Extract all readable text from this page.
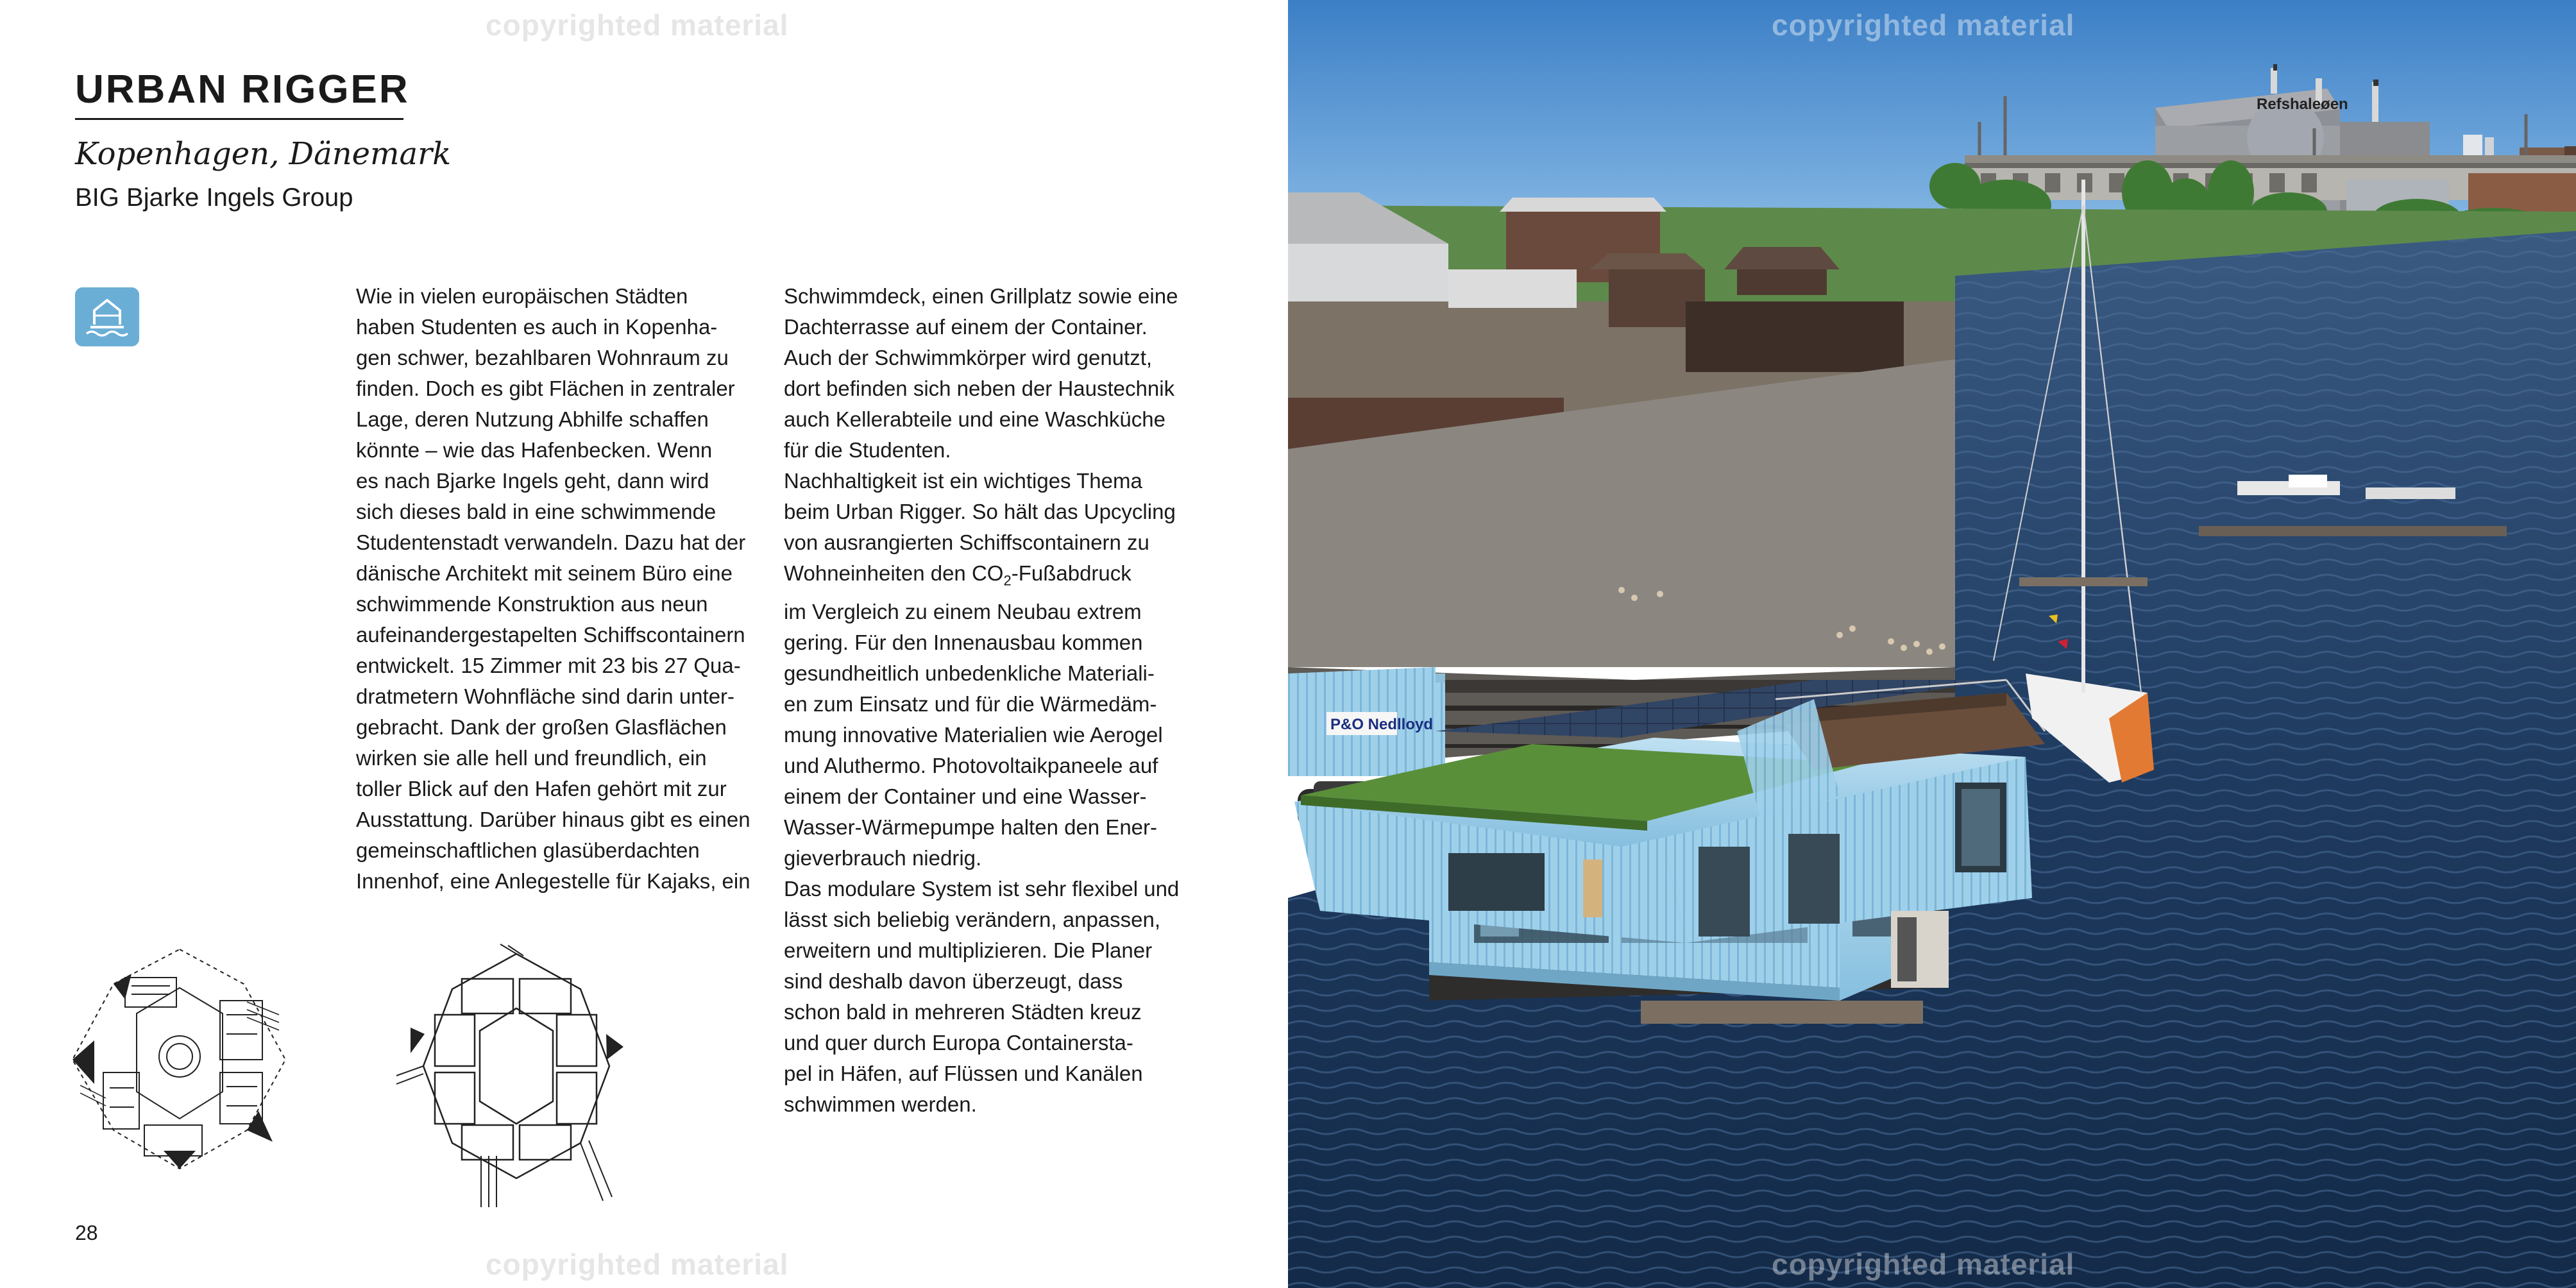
copyrighted material
copyrighted material
URBAN RIGGER
Kopenhagen, Dänemark
BIG Bjarke Ingels Group
Wie in vielen europäischen Städten
haben Studenten es auch in Kopenha-
gen schwer, bezahlbaren Wohnraum zu
finden. Doch es gibt Flächen in zentraler
Lage, deren Nutzung Abhilfe schaffen
könnte – wie das Hafenbecken. Wenn
es nach Bjarke Ingels geht, dann wird
sich dieses bald in eine schwimmende
Studentenstadt verwandeln. Dazu hat der
dänische Architekt mit seinem Büro eine
schwimmende Konstruktion aus neun
aufeinandergestapelten Schiffscontainern
entwickelt. 15 Zimmer mit 23 bis 27 Qua-
dratmetern Wohnfläche sind darin unter-
gebracht. Dank der großen Glasflächen
wirken sie alle hell und freundlich, ein
toller Blick auf den Hafen gehört mit zur
Ausstattung. Darüber hinaus gibt es einen
gemeinschaftlichen glasüberdachten
Innenhof, eine Anlegestelle für Kajaks, ein
Schwimmdeck, einen Grillplatz sowie eine
Dachterrasse auf einem der Container.
Auch der Schwimmkörper wird genutzt,
dort befinden sich neben der Haustechnik
auch Kellerabteile und eine Waschküche
für die Studenten.
Nachhaltigkeit ist ein wichtiges Thema
beim Urban Rigger. So hält das Upcycling
von ausrangierten Schiffscontainern zu
Wohneinheiten den $CO_2$-Fußabdruck
im Vergleich zu einem Neubau extrem
gering. Für den Innenausbau kommen
gesundheitlich unbedenkliche Materiali-
en zum Einsatz und für die Wärmedäm-
mung innovative Materialien wie Aerogel
und Aluthermo. Photovoltaikpaneele auf
einem der Container und eine Wasser-
Wasser-Wärmepumpe halten den Ener-
gieverbrauch niedrig.
Das modulare System ist sehr flexibel und
lässt sich beliebig verändern, anpassen,
erweitern und multiplizieren. Die Planer
sind deshalb davon überzeugt, dass
schon bald in mehreren Städten kreuz
und quer durch Europa Containersta-
pel in Häfen, auf Flüssen und Kanälen
schwimmen werden.
28
Refshaleøen
P&O Nedlloyd
copyrighted material
copyrighted material
